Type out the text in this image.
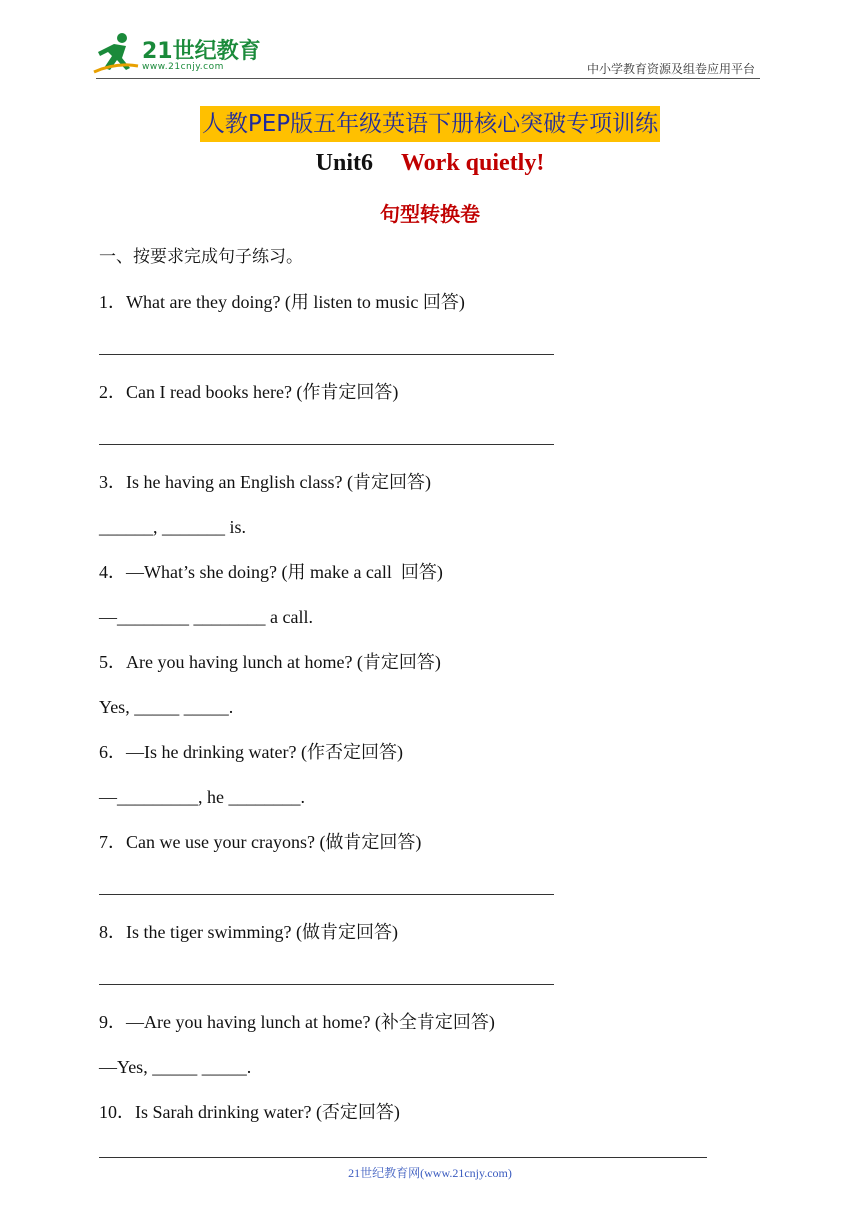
21世纪教育
www.21cnjy.com	中小学教育资源及组卷应用平台
人教PEP版五年级英语下册核心突破专项训练
Unit6 Work quietly!
句型转换卷
一、按要求完成句子练习。
1．What are they doing? (用 listen to music 回答)
2．Can I read books here? (作肯定回答)
3．Is he having an English class? (肯定回答)
______, _______ is.
4．—What’s she doing? (用 make a call  回答)
—________ ________ a call.
5．Are you having lunch at home? (肯定回答)
Yes, _____ _____.
6．—Is he drinking water? (作否定回答)
—_________, he ________.
7．Can we use your crayons? (做肯定回答)
8．Is the tiger swimming? (做肯定回答)
9．—Are you having lunch at home? (补全肯定回答)
—Yes, _____ _____.
10．Is Sarah drinking water? (否定回答)
21世纪教育网(www.21cnjy.com)
